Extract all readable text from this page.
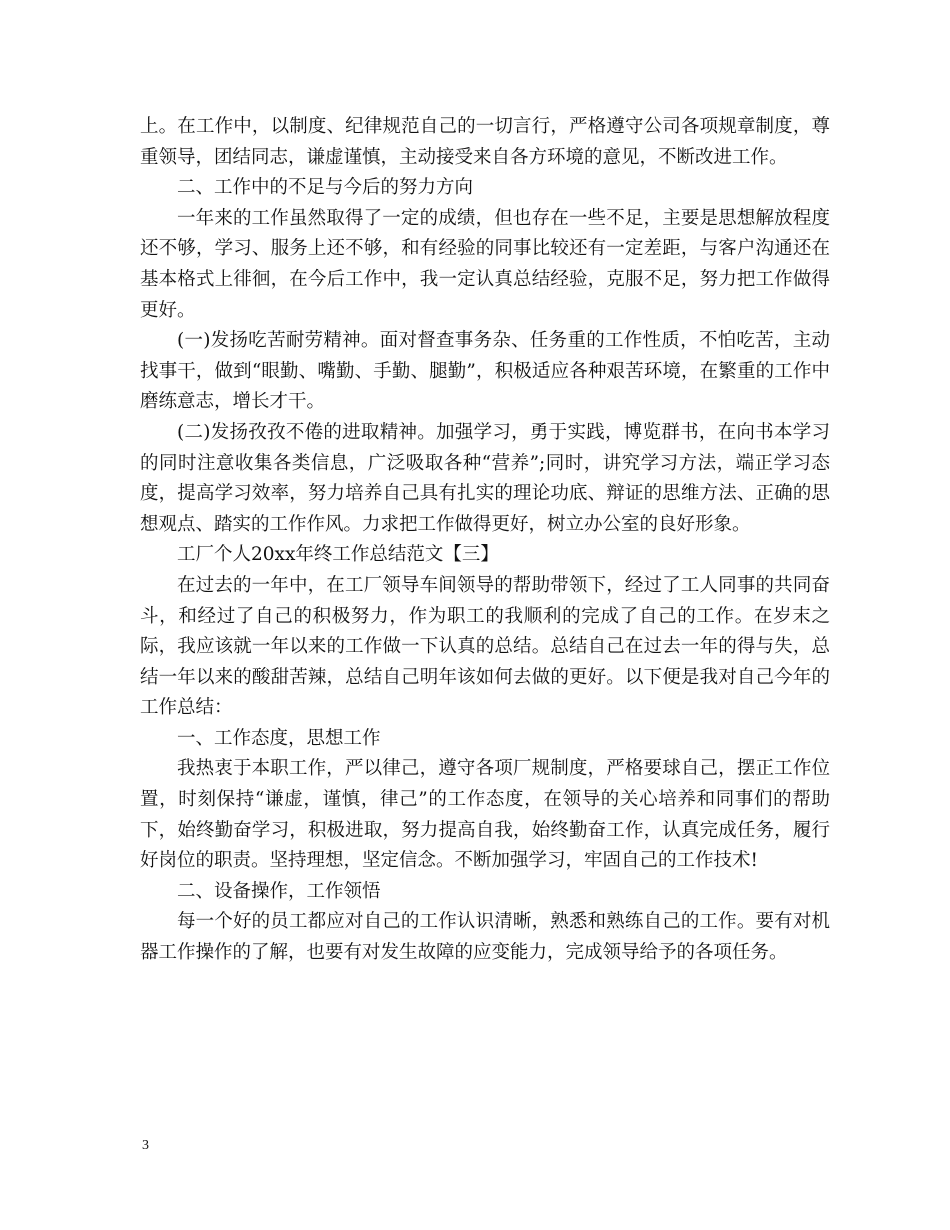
上。在工作中，以制度、纪律规范自己的一切言行，严格遵守公司各项规章制度，尊重领导，团结同志，谦虚谨慎，主动接受来自各方环境的意见，不断改进工作。

二、工作中的不足与今后的努力方向

一年来的工作虽然取得了一定的成绩，但也存在一些不足，主要是思想解放程度还不够，学习、服务上还不够，和有经验的同事比较还有一定差距，与客户沟通还在基本格式上徘徊，在今后工作中，我一定认真总结经验，克服不足，努力把工作做得更好。

(一)发扬吃苦耐劳精神。面对督查事务杂、任务重的工作性质，不怕吃苦，主动找事干，做到“眼勤、嘴勤、手勤、腿勤”，积极适应各种艰苦环境，在繁重的工作中磨练意志，增长才干。

(二)发扬孜孜不倦的进取精神。加强学习，勇于实践，博览群书，在向书本学习的同时注意收集各类信息，广泛吸取各种“营养”;同时，讲究学习方法，端正学习态度，提高学习效率，努力培养自己具有扎实的理论功底、辩证的思维方法、正确的思想观点、踏实的工作作风。力求把工作做得更好，树立办公室的良好形象。

工厂个人20xx年终工作总结范文【三】

在过去的一年中，在工厂领导车间领导的帮助带领下，经过了工人同事的共同奋斗，和经过了自己的积极努力，作为职工的我顺利的完成了自己的工作。在岁末之际，我应该就一年以来的工作做一下认真的总结。总结自己在过去一年的得与失，总结一年以来的酸甜苦辣，总结自己明年该如何去做的更好。以下便是我对自己今年的工作总结：

一、工作态度，思想工作

我热衷于本职工作，严以律己，遵守各项厂规制度，严格要球自己，摆正工作位置，时刻保持“谦虚，谨慎，律己”的工作态度，在领导的关心培养和同事们的帮助下，始终勤奋学习，积极进取，努力提高自我，始终勤奋工作，认真完成任务，履行好岗位的职责。坚持理想，坚定信念。不断加强学习，牢固自己的工作技术!

二、设备操作，工作领悟

每一个好的员工都应对自己的工作认识清晰，熟悉和熟练自己的工作。要有对机器工作操作的了解，也要有对发生故障的应变能力，完成领导给予的各项任务。

3
